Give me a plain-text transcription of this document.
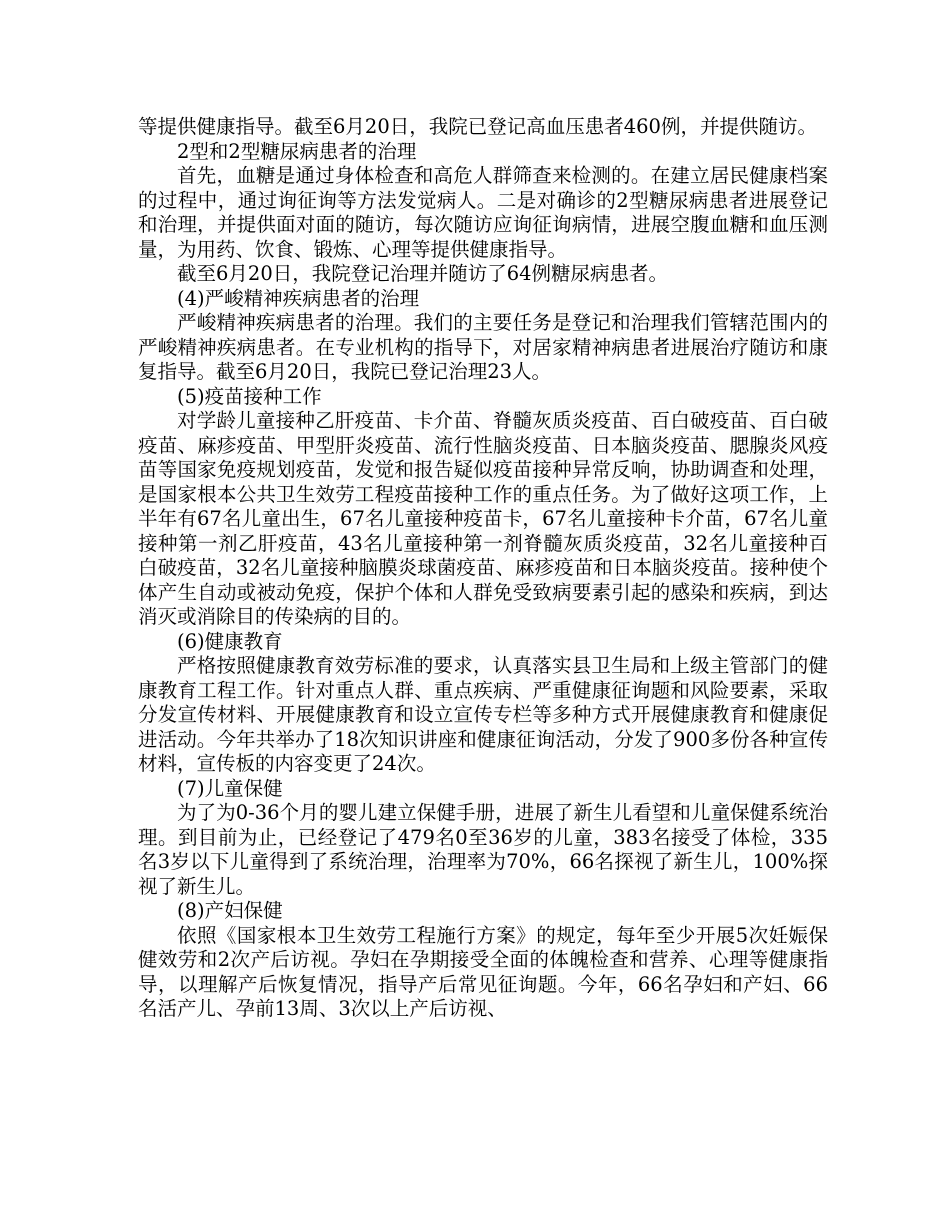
等提供健康指导。截至6月20日，我院已登记高血压患者460例，并提供随访。

2型和2型糖尿病患者的治理

首先，血糖是通过身体检查和高危人群筛查来检测的。在建立居民健康档案的过程中，通过询征询等方法发觉病人。二是对确诊的2型糖尿病患者进展登记和治理，并提供面对面的随访，每次随访应询征询病情，进展空腹血糖和血压测量，为用药、饮食、锻炼、心理等提供健康指导。

截至6月20日，我院登记治理并随访了64例糖尿病患者。

(4)严峻精神疾病患者的治理

严峻精神疾病患者的治理。我们的主要任务是登记和治理我们管辖范围内的严峻精神疾病患者。在专业机构的指导下，对居家精神病患者进展治疗随访和康复指导。截至6月20日，我院已登记治理23人。

(5)疫苗接种工作

对学龄儿童接种乙肝疫苗、卡介苗、脊髓灰质炎疫苗、百白破疫苗、百白破疫苗、麻疹疫苗、甲型肝炎疫苗、流行性脑炎疫苗、日本脑炎疫苗、腮腺炎风疫苗等国家免疫规划疫苗，发觉和报告疑似疫苗接种异常反响，协助调查和处理，是国家根本公共卫生效劳工程疫苗接种工作的重点任务。为了做好这项工作，上半年有67名儿童出生，67名儿童接种疫苗卡，67名儿童接种卡介苗，67名儿童接种第一剂乙肝疫苗，43名儿童接种第一剂脊髓灰质炎疫苗，32名儿童接种百白破疫苗，32名儿童接种脑膜炎球菌疫苗、麻疹疫苗和日本脑炎疫苗。接种使个体产生自动或被动免疫，保护个体和人群免受致病要素引起的感染和疾病，到达消灭或消除目的传染病的目的。

(6)健康教育

严格按照健康教育效劳标准的要求，认真落实县卫生局和上级主管部门的健康教育工程工作。针对重点人群、重点疾病、严重健康征询题和风险要素，采取分发宣传材料、开展健康教育和设立宣传专栏等多种方式开展健康教育和健康促进活动。今年共举办了18次知识讲座和健康征询活动，分发了900多份各种宣传材料，宣传板的内容变更了24次。

(7)儿童保健

为了为0-36个月的婴儿建立保健手册，进展了新生儿看望和儿童保健系统治理。到目前为止，已经登记了479名0至36岁的儿童，383名接受了体检，335名3岁以下儿童得到了系统治理，治理率为70%，66名探视了新生儿，100%探视了新生儿。

(8)产妇保健

依照《国家根本卫生效劳工程施行方案》的规定，每年至少开展5次妊娠保健效劳和2次产后访视。孕妇在孕期接受全面的体魄检查和营养、心理等健康指导，以理解产后恢复情况，指导产后常见征询题。今年，66名孕妇和产妇、66名活产儿、孕前13周、3次以上产后访视、
